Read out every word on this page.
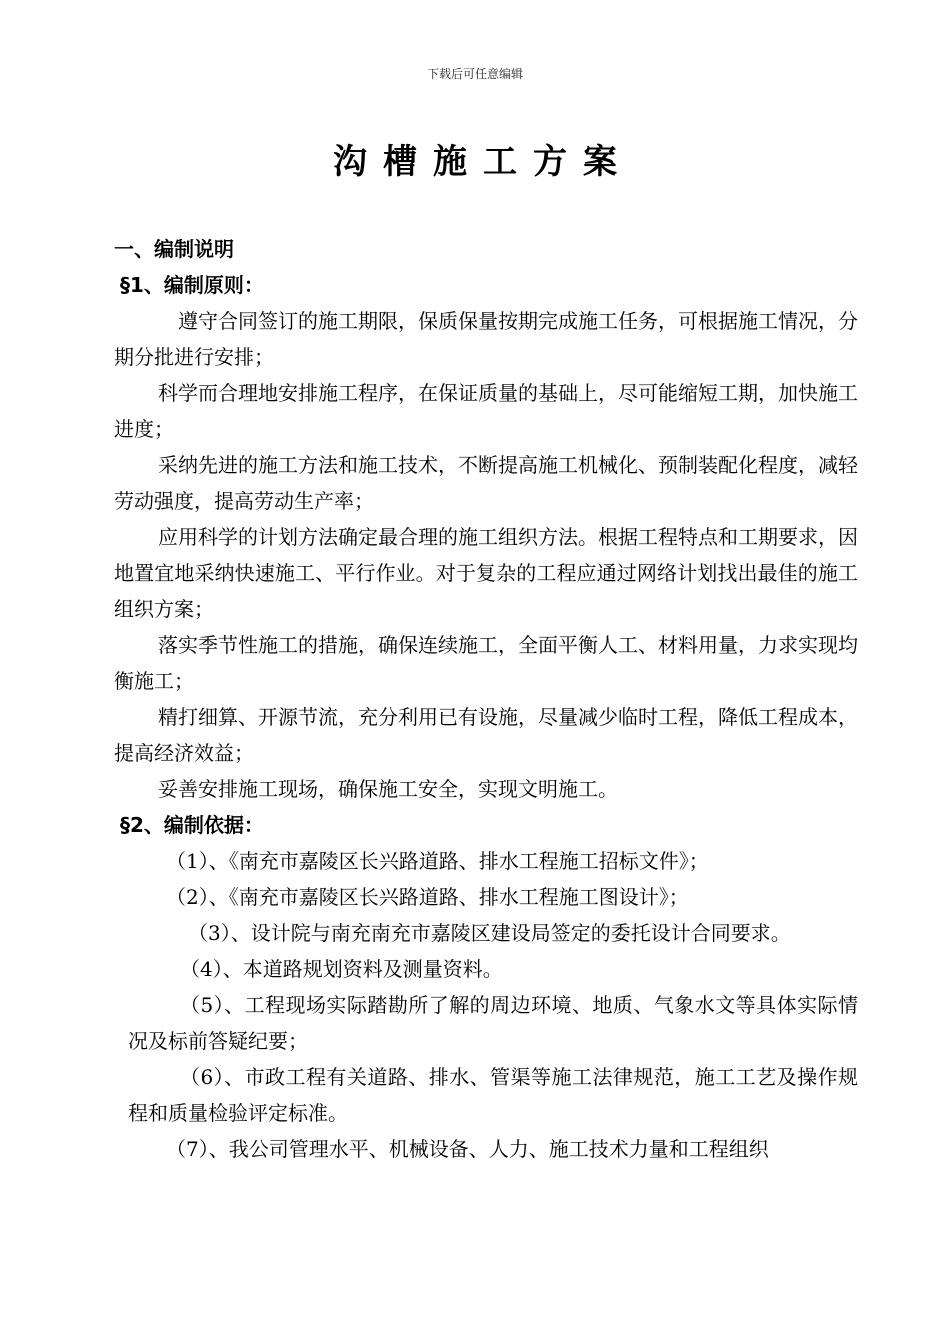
下载后可任意编辑
沟槽施工方案

一、编制说明

§1、编制原则：

遵守合同签订的施工期限，保质保量按期完成施工任务，可根据施工情况，分期分批进行安排；

科学而合理地安排施工程序，在保证质量的基础上，尽可能缩短工期，加快施工进度；

采纳先进的施工方法和施工技术，不断提高施工机械化、预制装配化程度，减轻劳动强度，提高劳动生产率；

应用科学的计划方法确定最合理的施工组织方法。根据工程特点和工期要求，因地置宜地采纳快速施工、平行作业。对于复杂的工程应通过网络计划找出最佳的施工组织方案；

落实季节性施工的措施，确保连续施工，全面平衡人工、材料用量，力求实现均衡施工；

精打细算、开源节流，充分利用已有设施，尽量减少临时工程，降低工程成本，提高经济效益；

妥善安排施工现场，确保施工安全，实现文明施工。

§2、编制依据：

（1）、《南充市嘉陵区长兴路道路、排水工程施工招标文件》；

（2）、《南充市嘉陵区长兴路道路、排水工程施工图设计》；

（3）、设计院与南充南充市嘉陵区建设局签定的委托设计合同要求。

（4）、本道路规划资料及测量资料。

（5）、工程现场实际踏勘所了解的周边环境、地质、气象水文等具体实际情况及标前答疑纪要；

（6）、市政工程有关道路、排水、管渠等施工法律规范，施工工艺及操作规程和质量检验评定标准。

（7）、我公司管理水平、机械设备、人力、施工技术力量和工程组织
